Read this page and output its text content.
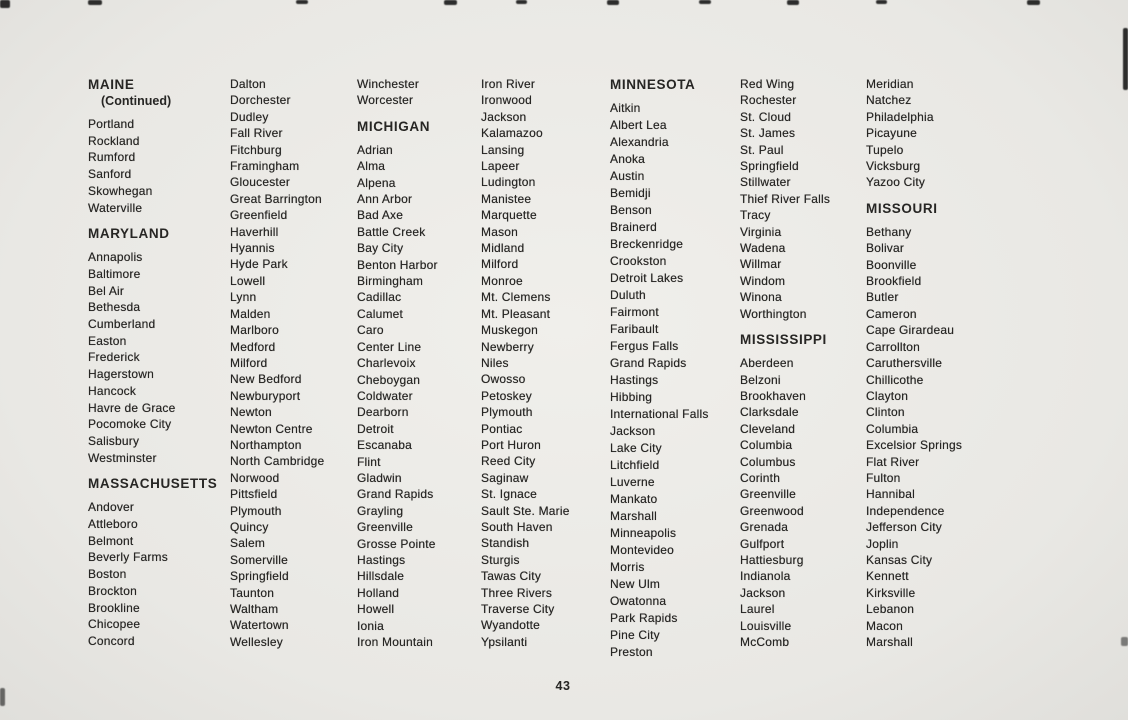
MAINE
(Continued)
Portland
Rockland
Rumford
Sanford
Skowhegan
Waterville
MARYLAND
Annapolis
Baltimore
Bel Air
Bethesda
Cumberland
Easton
Frederick
Hagerstown
Hancock
Havre de Grace
Pocomoke City
Salisbury
Westminster
MASSACHUSETTS
Andover
Attleboro
Belmont
Beverly Farms
Boston
Brockton
Brookline
Chicopee
Concord
Dalton
Dorchester
Dudley
Fall River
Fitchburg
Framingham
Gloucester
Great Barrington
Greenfield
Haverhill
Hyannis
Hyde Park
Lowell
Lynn
Malden
Marlboro
Medford
Milford
New Bedford
Newburyport
Newton
Newton Centre
Northampton
North Cambridge
Norwood
Pittsfield
Plymouth
Quincy
Salem
Somerville
Springfield
Taunton
Waltham
Watertown
Wellesley
Winchester
Worcester
MICHIGAN
Adrian
Alma
Alpena
Ann Arbor
Bad Axe
Battle Creek
Bay City
Benton Harbor
Birmingham
Cadillac
Calumet
Caro
Center Line
Charlevoix
Cheboygan
Coldwater
Dearborn
Detroit
Escanaba
Flint
Gladwin
Grand Rapids
Grayling
Greenville
Grosse Pointe
Hastings
Hillsdale
Holland
Howell
Ionia
Iron Mountain
Iron River
Ironwood
Jackson
Kalamazoo
Lansing
Lapeer
Ludington
Manistee
Marquette
Mason
Midland
Milford
Monroe
Mt. Clemens
Mt. Pleasant
Muskegon
Newberry
Niles
Owosso
Petoskey
Plymouth
Pontiac
Port Huron
Reed City
Saginaw
St. Ignace
Sault Ste. Marie
South Haven
Standish
Sturgis
Tawas City
Three Rivers
Traverse City
Wyandotte
Ypsilanti
MINNESOTA
Aitkin
Albert Lea
Alexandria
Anoka
Austin
Bemidji
Benson
Brainerd
Breckenridge
Crookston
Detroit Lakes
Duluth
Fairmont
Faribault
Fergus Falls
Grand Rapids
Hastings
Hibbing
International Falls
Jackson
Lake City
Litchfield
Luverne
Mankato
Marshall
Minneapolis
Montevideo
Morris
New Ulm
Owatonna
Park Rapids
Pine City
Preston
Red Wing
Rochester
St. Cloud
St. James
St. Paul
Springfield
Stillwater
Thief River Falls
Tracy
Virginia
Wadena
Willmar
Windom
Winona
Worthington
MISSISSIPPI
Aberdeen
Belzoni
Brookhaven
Clarksdale
Cleveland
Columbia
Columbus
Corinth
Greenville
Greenwood
Grenada
Gulfport
Hattiesburg
Indianola
Jackson
Laurel
Louisville
McComb
Meridian
Natchez
Philadelphia
Picayune
Tupelo
Vicksburg
Yazoo City
MISSOURI
Bethany
Bolivar
Boonville
Brookfield
Butler
Cameron
Cape Girardeau
Carrollton
Caruthersville
Chillicothe
Clayton
Clinton
Columbia
Excelsior Springs
Flat River
Fulton
Hannibal
Independence
Jefferson City
Joplin
Kansas City
Kennett
Kirksville
Lebanon
Macon
Marshall
43
